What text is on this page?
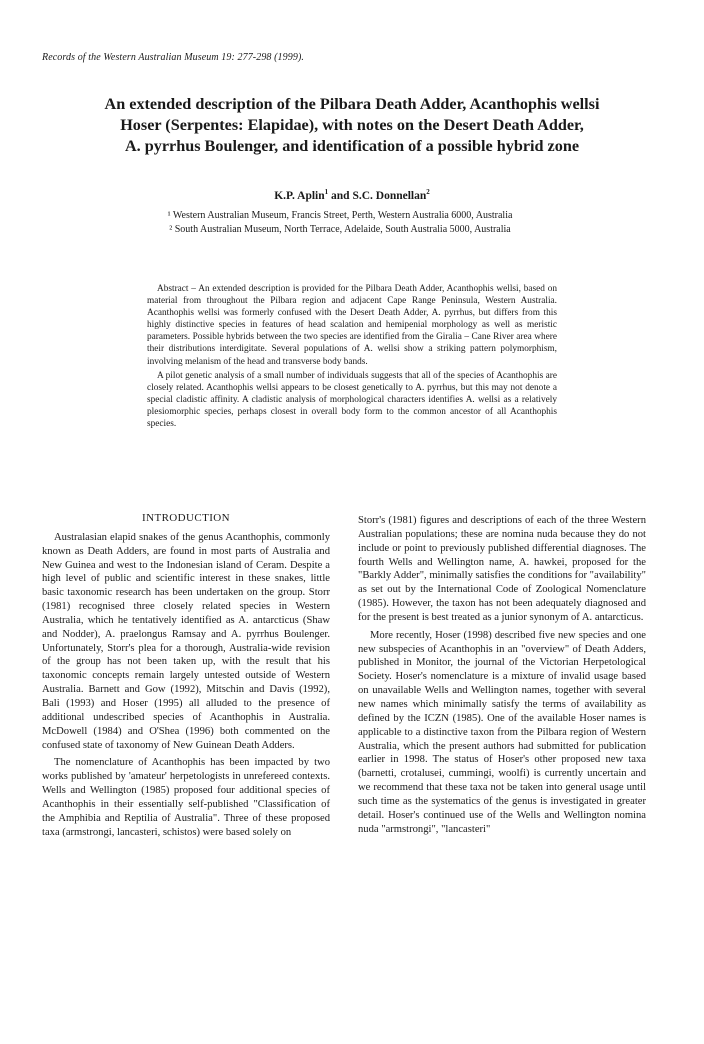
Records of the Western Australian Museum 19: 277-298 (1999).
An extended description of the Pilbara Death Adder, Acanthophis wellsi
Hoser (Serpentes: Elapidae), with notes on the Desert Death Adder,
A. pyrrhus Boulenger, and identification of a possible hybrid zone
K.P. Aplin$^1$ and S.C. Donnellan$^2$
¹ Western Australian Museum, Francis Street, Perth, Western Australia 6000, Australia
² South Australian Museum, North Terrace, Adelaide, South Australia 5000, Australia

Abstract – An extended description is provided for the Pilbara Death Adder, Acanthophis wellsi, based on material from throughout the Pilbara region and adjacent Cape Range Peninsula, Western Australia. Acanthophis wellsi was formerly confused with the Desert Death Adder, A. pyrrhus, but differs from this highly distinctive species in features of head scalation and hemipenial morphology as well as meristic parameters. Possible hybrids between the two species are identified from the Giralia – Cane River area where their distributions interdigitate. Several populations of A. wellsi show a striking pattern polymorphism, involving melanism of the head and transverse body bands.

A pilot genetic analysis of a small number of individuals suggests that all of the species of Acanthophis are closely related. Acanthophis wellsi appears to be closest genetically to A. pyrrhus, but this may not denote a special cladistic affinity. A cladistic analysis of morphological characters identifies A. wellsi as a relatively plesiomorphic species, perhaps closest in overall body form to the common ancestor of all Acanthophis species.

INTRODUCTION

Australasian elapid snakes of the genus Acanthophis, commonly known as Death Adders, are found in most parts of Australia and New Guinea and west to the Indonesian island of Ceram. Despite a high level of public and scientific interest in these snakes, little basic taxonomic research has been undertaken on the group. Storr (1981) recognised three closely related species in Western Australia, which he tentatively identified as A. antarcticus (Shaw and Nodder), A. praelongus Ramsay and A. pyrrhus Boulenger. Unfortunately, Storr's plea for a thorough, Australia-wide revision of the group has not been taken up, with the result that his taxonomic concepts remain largely untested outside of Western Australia. Barnett and Gow (1992), Mitschin and Davis (1992), Bali (1993) and Hoser (1995) all alluded to the presence of additional undescribed species of Acanthophis in Australia. McDowell (1984) and O'Shea (1996) both commented on the confused state of taxonomy of New Guinean Death Adders.

The nomenclature of Acanthophis has been impacted by two works published by 'amateur' herpetologists in unrefereed contexts. Wells and Wellington (1985) proposed four additional species of Acanthophis in their essentially self-published "Classification of the Amphibia and Reptilia of Australia". Three of these proposed taxa (armstrongi, lancasteri, schistos) were based solely on

Storr's (1981) figures and descriptions of each of the three Western Australian populations; these are nomina nuda because they do not include or point to previously published differential diagnoses. The fourth Wells and Wellington name, A. hawkei, proposed for the "Barkly Adder", minimally satisfies the conditions for "availability" as set out by the International Code of Zoological Nomenclature (1985). However, the taxon has not been adequately diagnosed and for the present is best treated as a junior synonym of A. antarcticus.

More recently, Hoser (1998) described five new species and one new subspecies of Acanthophis in an "overview" of Death Adders, published in Monitor, the journal of the Victorian Herpetological Society. Hoser's nomenclature is a mixture of invalid usage based on unavailable Wells and Wellington names, together with several new names which minimally satisfy the terms of availability as defined by the ICZN (1985). One of the available Hoser names is applicable to a distinctive taxon from the Pilbara region of Western Australia, which the present authors had submitted for publication earlier in 1998. The status of Hoser's other proposed new taxa (barnetti, crotalusei, cummingi, woolfi) is currently uncertain and we recommend that these taxa not be taken into general usage until such time as the systematics of the genus is investigated in greater detail. Hoser's continued use of the Wells and Wellington nomina nuda "armstrongi", "lancasteri"
